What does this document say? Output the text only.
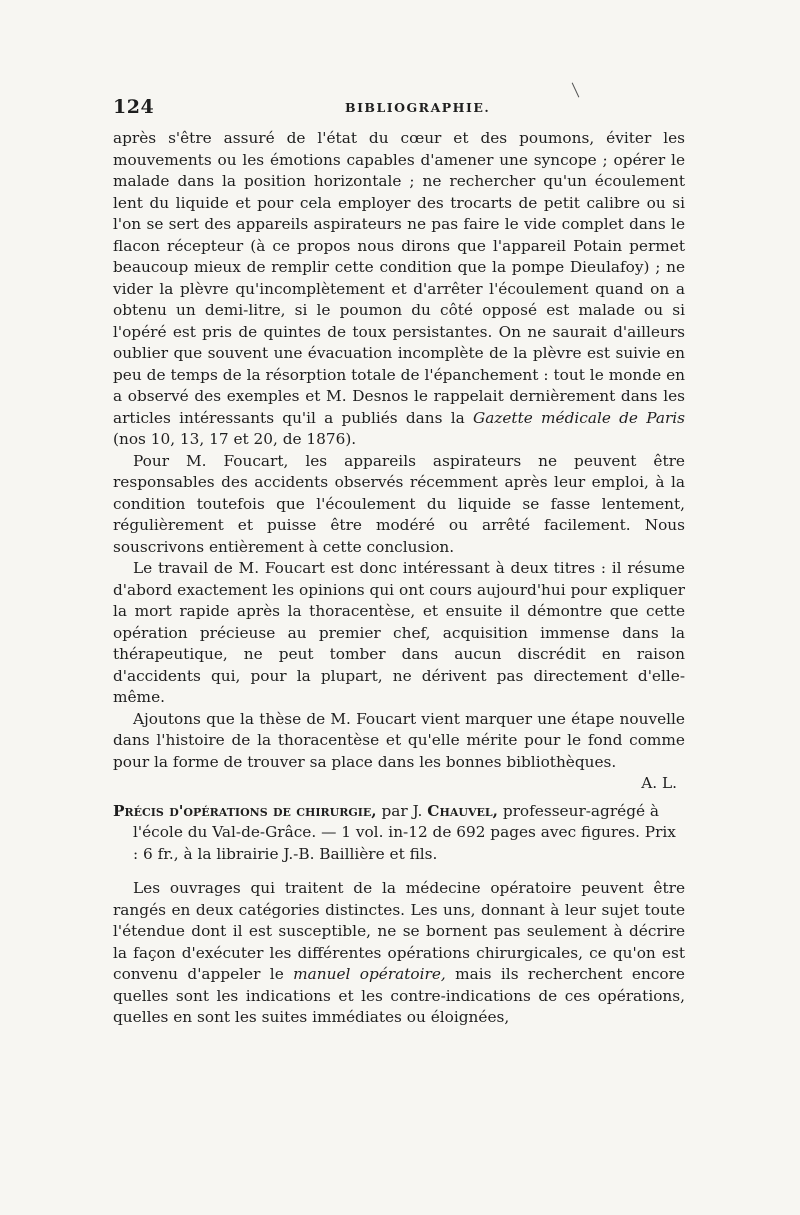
124	BIBLIOGRAPHIE.

après s'être assuré de l'état du cœur et des poumons, éviter les mouvements ou les émotions capables d'amener une syncope ; opérer le malade dans la position horizontale ; ne rechercher qu'un écoulement lent du liquide et pour cela employer des trocarts de petit calibre ou si l'on se sert des appareils aspirateurs ne pas faire le vide complet dans le flacon récepteur (à ce propos nous dirons que l'appareil Potain permet beaucoup mieux de remplir cette condition que la pompe Dieulafoy) ; ne vider la plèvre qu'incomplètement et d'arrêter l'écoulement quand on a obtenu un demi-litre, si le poumon du côté opposé est malade ou si l'opéré est pris de quintes de toux persistantes. On ne saurait d'ailleurs oublier que souvent une évacuation incomplète de la plèvre est suivie en peu de temps de la résorption totale de l'épanchement : tout le monde en a observé des exemples et M. Desnos le rappelait dernièrement dans les articles intéressants qu'il a publiés dans la Gazette médicale de Paris (nos 10, 13, 17 et 20, de 1876).

Pour M. Foucart, les appareils aspirateurs ne peuvent être responsables des accidents observés récemment après leur emploi, à la condition toutefois que l'écoulement du liquide se fasse lentement, régulièrement et puisse être modéré ou arrêté facilement. Nous souscrivons entièrement à cette conclusion.

Le travail de M. Foucart est donc intéressant à deux titres : il résume d'abord exactement les opinions qui ont cours aujourd'hui pour expliquer la mort rapide après la thoracentèse, et ensuite il démontre que cette opération précieuse au premier chef, acquisition immense dans la thérapeutique, ne peut tomber dans aucun discrédit en raison d'accidents qui, pour la plupart, ne dérivent pas directement d'elle-même.

Ajoutons que la thèse de M. Foucart vient marquer une étape nouvelle dans l'histoire de la thoracentèse et qu'elle mérite pour le fond comme pour la forme de trouver sa place dans les bonnes bibliothèques.

A. L.
Précis d'opérations de chirurgie, par J. Chauvel, professeur-agrégé à l'école du Val-de-Grâce. — 1 vol. in-12 de 692 pages avec figures. Prix : 6 fr., à la librairie J.-B. Baillière et fils.

Les ouvrages qui traitent de la médecine opératoire peuvent être rangés en deux catégories distinctes. Les uns, donnant à leur sujet toute l'étendue dont il est susceptible, ne se bornent pas seulement à décrire la façon d'exécuter les différentes opérations chirurgicales, ce qu'on est convenu d'appeler le manuel opératoire, mais ils recherchent encore quelles sont les indications et les contre-indications de ces opérations, quelles en sont les suites immédiates ou éloignées,
